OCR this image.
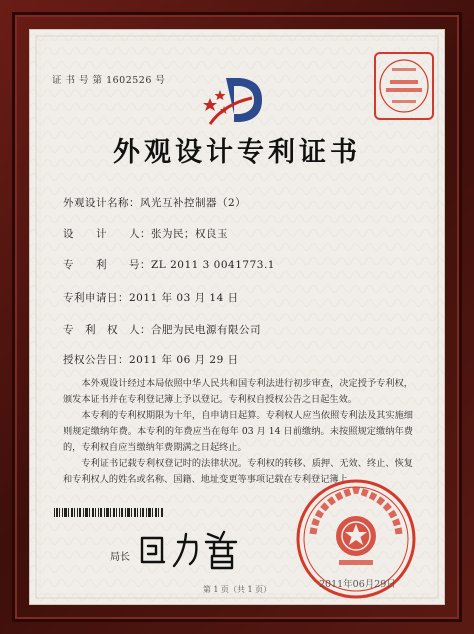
证 书 号 第 1602526 号
外观设计专利证书
外观设计名称：风光互补控制器（2）
设　　计　　人：张为民；权良玉
专　　利　　号：ZL 2011 3 0041773.1
专利申请日：2011 年 03 月 14 日
专　利　权　人：合肥为民电源有限公司
授权公告日：2011 年 06 月 29 日

本外观设计经过本局依照中华人民共和国专利法进行初步审查，决定授予专利权，颁发本证书并在专利登记簿上予以登记。专利权自授权公告之日起生效。

本专利的专利权期限为十年，自申请日起算。专利权人应当依照专利法及其实施细则规定缴纳年费。本专利的年费应当在每年 03 月 14 日前缴纳。未按照规定缴纳年费的，专利权自应当缴纳年费期满之日起终止。

专利证书记载专利权登记时的法律状况。专利权的转移、质押、无效、终止、恢复和专利权人的姓名或名称、国籍、地址变更等事项记载在专利登记簿上。

局长
2011年06月29日
第 1 页（共 1 页）
